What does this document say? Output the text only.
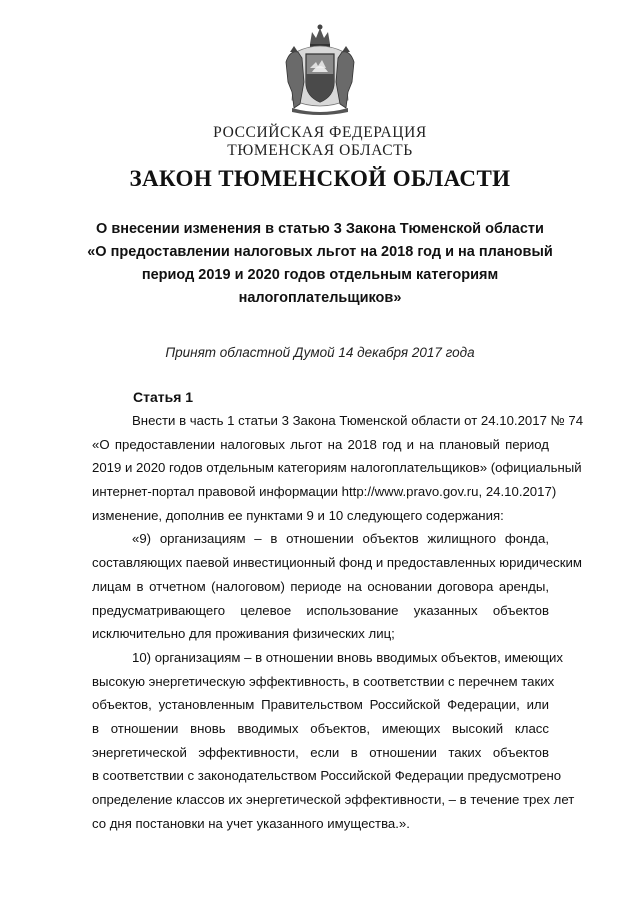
РОССИЙСКАЯ ФЕДЕРАЦИЯ
ТЮМЕНСКАЯ ОБЛАСТЬ
ЗАКОН ТЮМЕНСКОЙ ОБЛАСТИ
О внесении изменения в статью 3 Закона Тюменской области
«О предоставлении налоговых льгот на 2018 год и на плановый
период 2019 и 2020 годов отдельным категориям
налогоплательщиков»
Принят областной Думой 14 декабря 2017 года
Статья 1
Внести в часть 1 статьи 3 Закона Тюменской области от 24.10.2017 № 74
«О предоставлении налоговых льгот на 2018 год и на плановый период
2019 и 2020 годов отдельным категориям налогоплательщиков» (официальный
интернет-портал правовой информации http://www.pravo.gov.ru, 24.10.2017)
изменение, дополнив ее пунктами 9 и 10 следующего содержания:
«9) организациям – в отношении объектов жилищного фонда,
составляющих паевой инвестиционный фонд и предоставленных юридическим
лицам в отчетном (налоговом) периоде на основании договора аренды,
предусматривающего целевое использование указанных объектов
исключительно для проживания физических лиц;
10) организациям – в отношении вновь вводимых объектов, имеющих
высокую энергетическую эффективность, в соответствии с перечнем таких
объектов, установленным Правительством Российской Федерации, или
в отношении вновь вводимых объектов, имеющих высокий класс
энергетической эффективности, если в отношении таких объектов
в соответствии с законодательством Российской Федерации предусмотрено
определение классов их энергетической эффективности, – в течение трех лет
со дня постановки на учет указанного имущества.».
